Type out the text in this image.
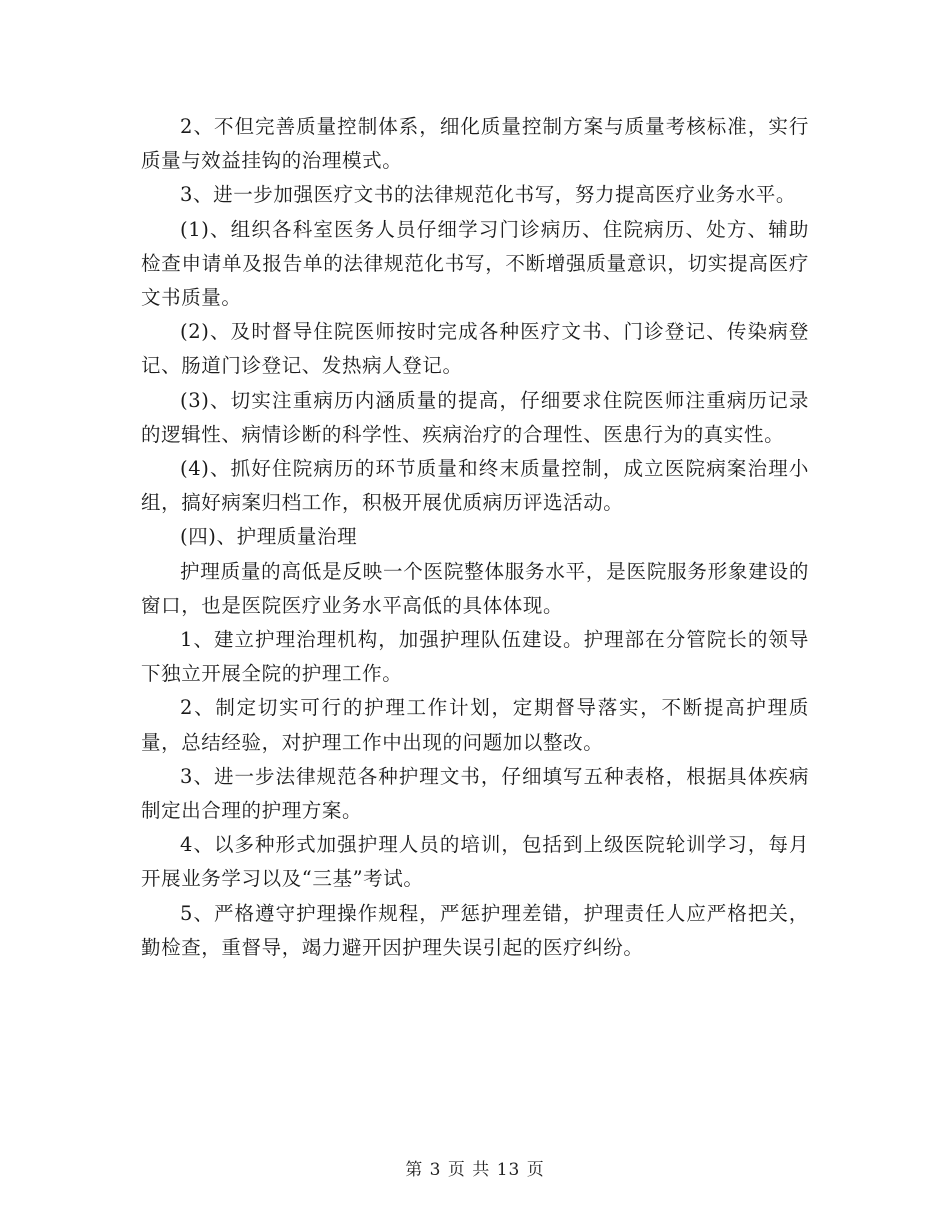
2、不但完善质量控制体系，细化质量控制方案与质量考核标准，实行质量与效益挂钩的治理模式。

3、进一步加强医疗文书的法律规范化书写，努力提高医疗业务水平。

(1)、组织各科室医务人员仔细学习门诊病历、住院病历、处方、辅助检查申请单及报告单的法律规范化书写，不断增强质量意识，切实提高医疗文书质量。

(2)、及时督导住院医师按时完成各种医疗文书、门诊登记、传染病登记、肠道门诊登记、发热病人登记。

(3)、切实注重病历内涵质量的提高，仔细要求住院医师注重病历记录的逻辑性、病情诊断的科学性、疾病治疗的合理性、医患行为的真实性。

(4)、抓好住院病历的环节质量和终末质量控制，成立医院病案治理小组，搞好病案归档工作，积极开展优质病历评选活动。

(四)、护理质量治理

护理质量的高低是反映一个医院整体服务水平，是医院服务形象建设的窗口，也是医院医疗业务水平高低的具体体现。

1、建立护理治理机构，加强护理队伍建设。护理部在分管院长的领导下独立开展全院的护理工作。

2、制定切实可行的护理工作计划，定期督导落实，不断提高护理质量，总结经验，对护理工作中出现的问题加以整改。

3、进一步法律规范各种护理文书，仔细填写五种表格，根据具体疾病制定出合理的护理方案。

4、以多种形式加强护理人员的培训，包括到上级医院轮训学习，每月开展业务学习以及“三基”考试。

5、严格遵守护理操作规程，严惩护理差错，护理责任人应严格把关，勤检查，重督导，竭力避开因护理失误引起的医疗纠纷。

第 3 页 共 13 页
